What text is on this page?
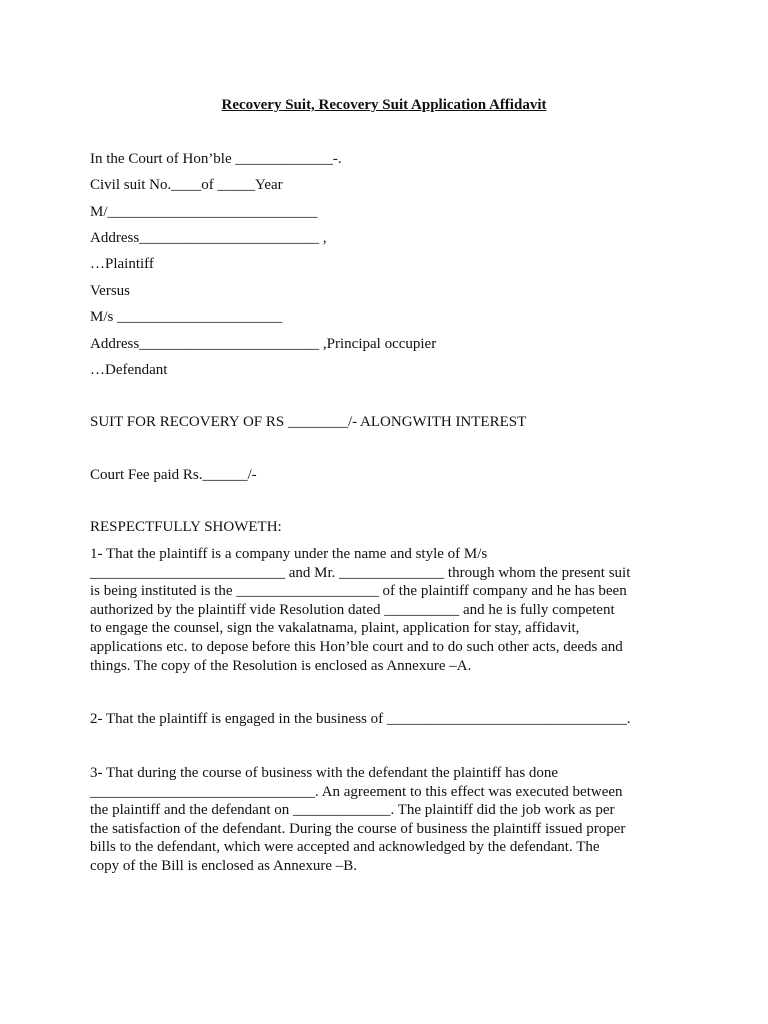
Recovery Suit, Recovery Suit Application Affidavit
In the Court of Hon’ble _____________-.
Civil suit No.____of _____Year
M/____________________________
Address________________________ ,
…Plaintiff
Versus
M/s ______________________
Address________________________ ,Principal occupier
…Defendant
SUIT FOR RECOVERY OF RS ________/- ALONGWITH INTEREST
Court Fee paid Rs.______/-
RESPECTFULLY SHOWETH:
1- That the plaintiff is a company under the name and style of M/s
__________________________ and Mr. ______________ through whom the present suit
is being instituted is the ___________________ of the plaintiff company and he has been
authorized by the plaintiff vide Resolution dated __________ and he is fully competent
to engage the counsel, sign the vakalatnama, plaint, application for stay, affidavit,
applications etc. to depose before this Hon’ble court and to do such other acts, deeds and
things. The copy of the Resolution is enclosed as Annexure –A.
2- That the plaintiff is engaged in the business of ________________________________.
3- That during the course of business with the defendant the plaintiff has done
______________________________. An agreement to this effect was executed between
the plaintiff and the defendant on _____________. The plaintiff did the job work as per
the satisfaction of the defendant. During the course of business the plaintiff issued proper
bills to the defendant, which were accepted and acknowledged by the defendant. The
copy of the Bill is enclosed as Annexure –B.
